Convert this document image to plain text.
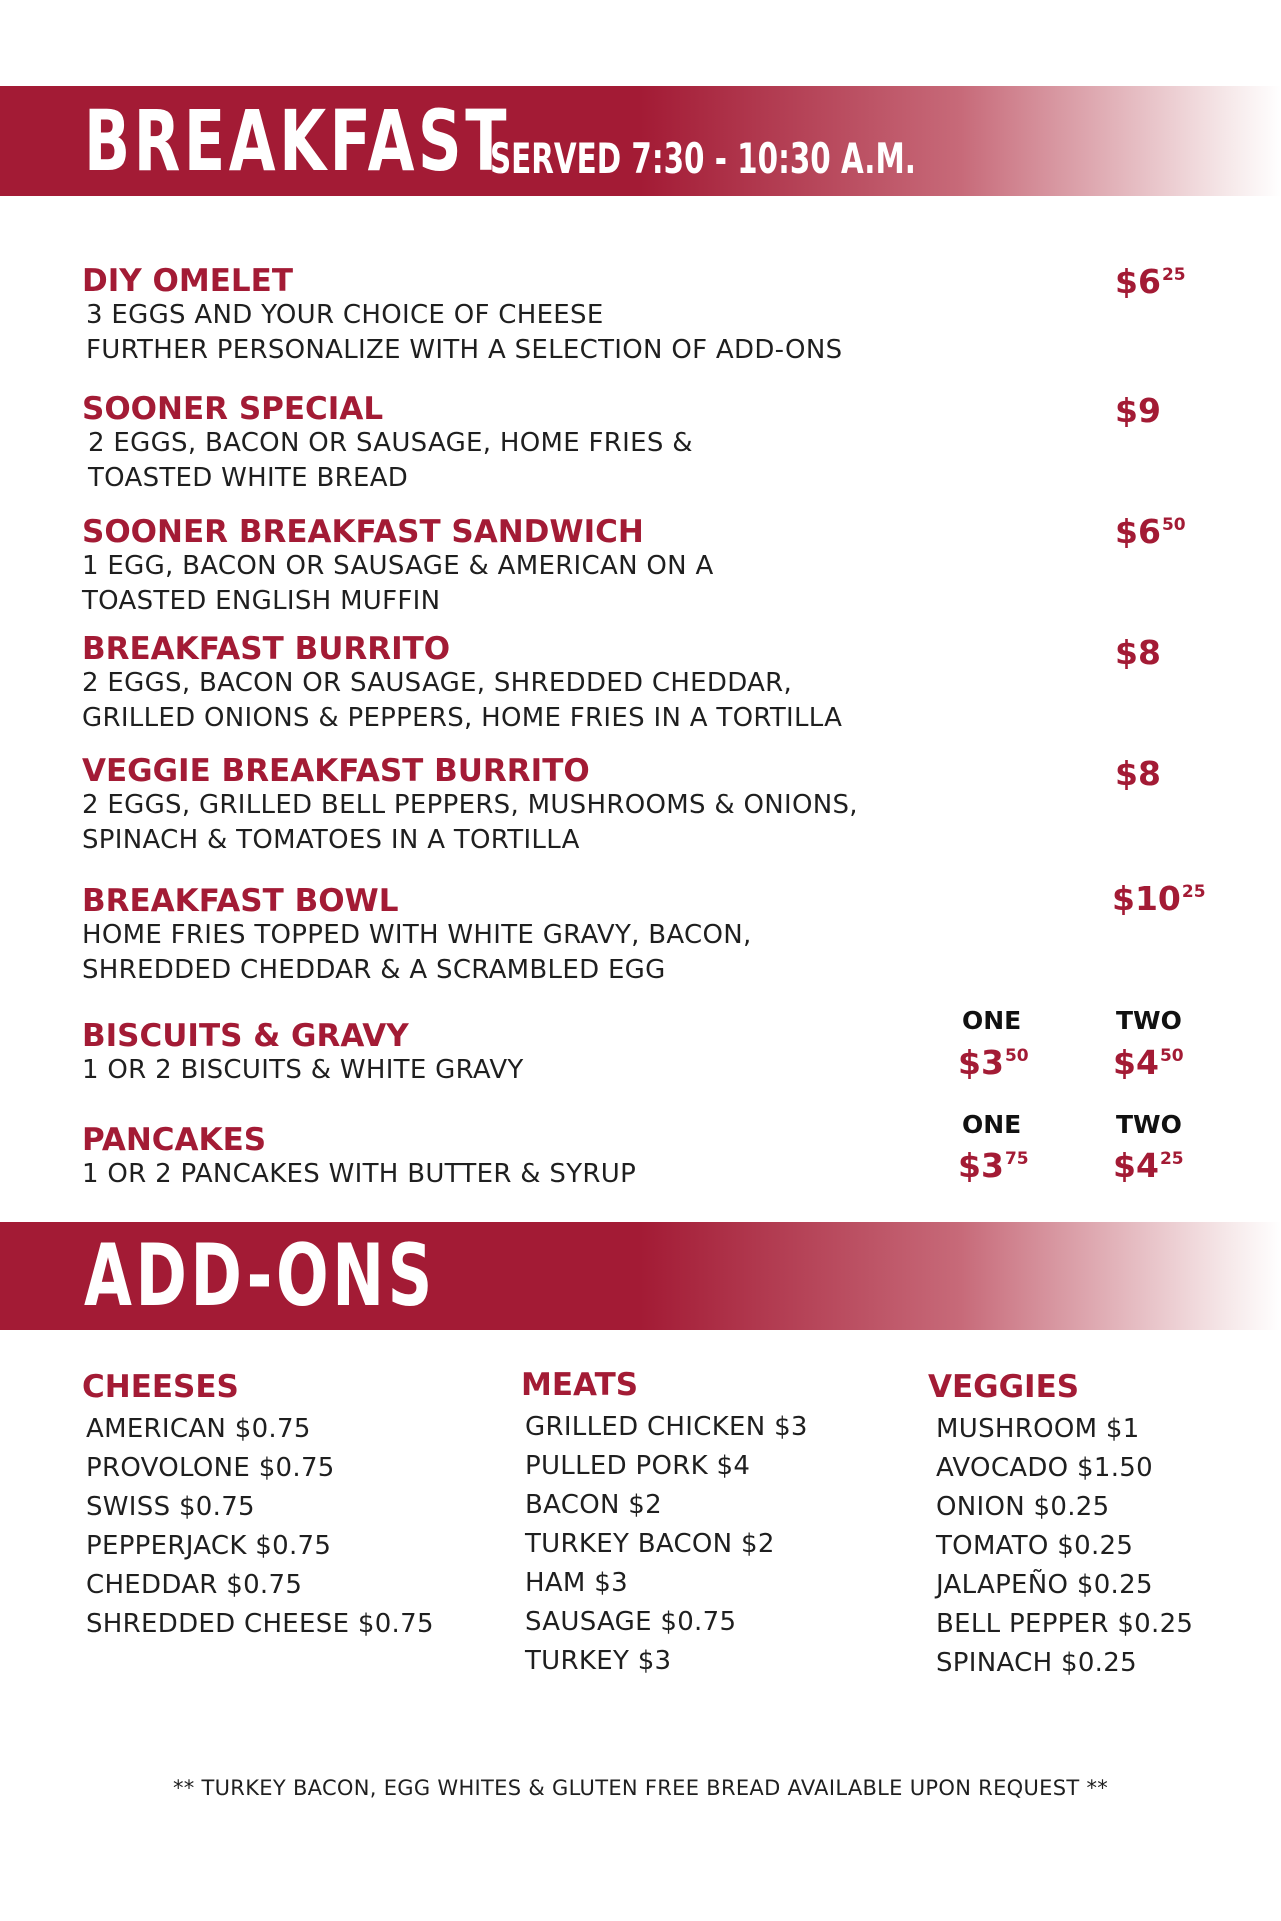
BREAKFAST
SERVED 7:30 - 10:30 A.M.
DIY OMELET
3 EGGS AND YOUR CHOICE OF CHEESE
FURTHER PERSONALIZE WITH A SELECTION OF ADD-ONS
$\$6^{25}$
SOONER SPECIAL
2 EGGS, BACON OR SAUSAGE, HOME FRIES &
TOASTED WHITE BREAD
$9
SOONER BREAKFAST SANDWICH
1 EGG, BACON OR SAUSAGE & AMERICAN ON A
TOASTED ENGLISH MUFFIN
$\$6^{50}$
BREAKFAST BURRITO
2 EGGS, BACON OR SAUSAGE, SHREDDED CHEDDAR,
GRILLED ONIONS & PEPPERS, HOME FRIES IN A TORTILLA
$8
VEGGIE BREAKFAST BURRITO
2 EGGS, GRILLED BELL PEPPERS, MUSHROOMS & ONIONS,
SPINACH & TOMATOES IN A TORTILLA
$8
BREAKFAST BOWL
HOME FRIES TOPPED WITH WHITE GRAVY, BACON,
SHREDDED CHEDDAR & A SCRAMBLED EGG
$\$10^{25}$
BISCUITS & GRAVY
1 OR 2 BISCUITS & WHITE GRAVY
ONE	TWO
$\$3^{50}$	$\$4^{50}$
PANCAKES
1 OR 2 PANCAKES WITH BUTTER & SYRUP
ONE	TWO
$\$3^{75}$	$\$4^{25}$
ADD-ONS
CHEESES
AMERICAN $0.75
PROVOLONE $0.75
SWISS $0.75
PEPPERJACK $0.75
CHEDDAR $0.75
SHREDDED CHEESE $0.75
MEATS
GRILLED CHICKEN $3
PULLED PORK $4
BACON $2
TURKEY BACON $2
HAM $3
SAUSAGE $0.75
TURKEY $3
VEGGIES
MUSHROOM $1
AVOCADO $1.50
ONION $0.25
TOMATO $0.25
JALAPEÑO $0.25
BELL PEPPER $0.25
SPINACH $0.25
** TURKEY BACON, EGG WHITES & GLUTEN FREE BREAD AVAILABLE UPON REQUEST **
